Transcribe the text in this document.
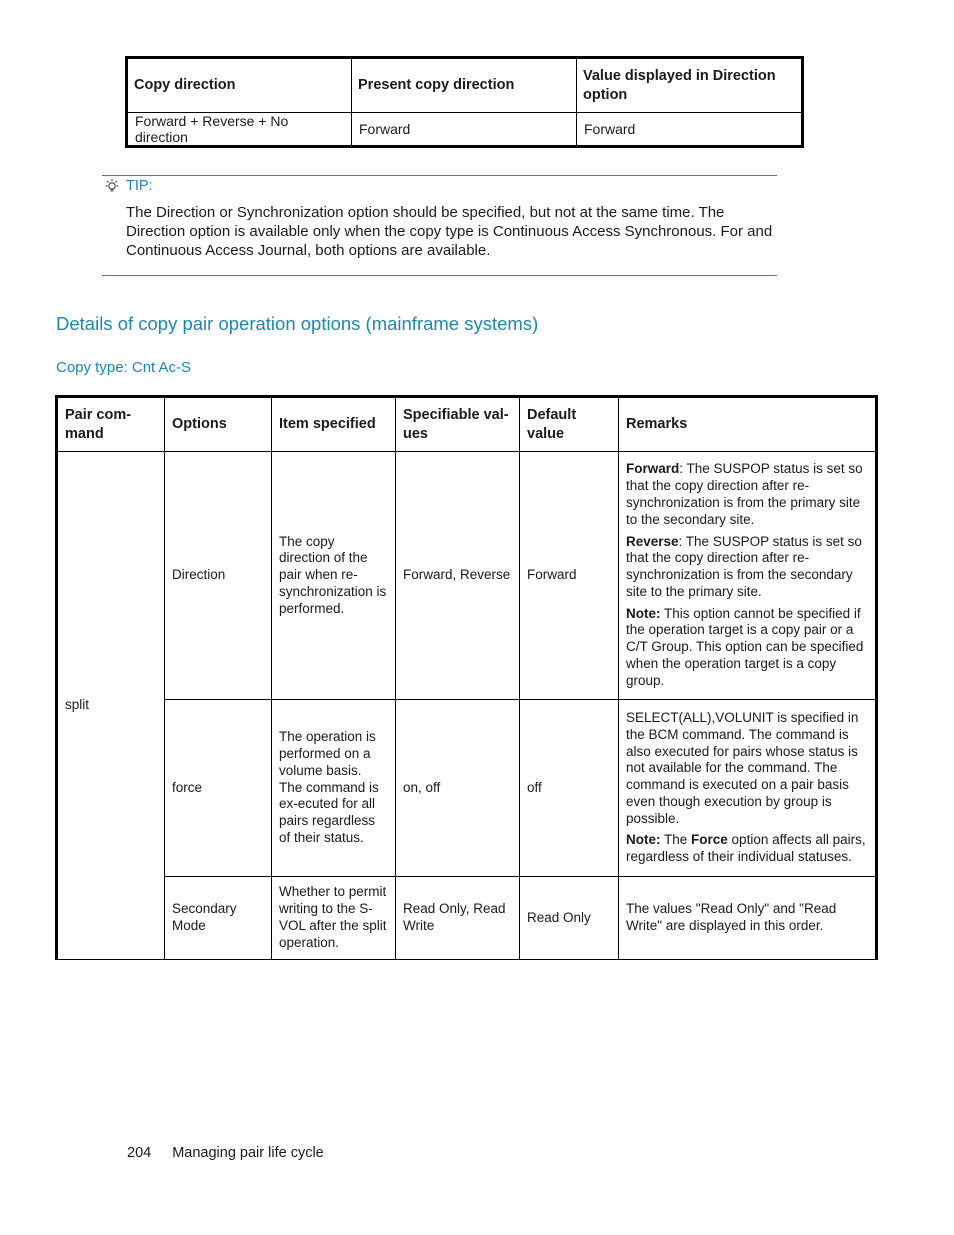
Copy direction	Present copy direction	Value displayed in Direction option
Forward + Reverse + No direction	Forward	Forward
TIP:
The Direction or Synchronization option should be specified, but not at the same time. The Direction option is available only when the copy type is Continuous Access Synchronous. For and Continuous Access Journal, both options are available.
Details of copy pair operation options (mainframe systems)
Copy type: Cnt Ac-S
Pair com-mand	Options	Item specified	Specifiable val-ues	Default value	Remarks
split	Direction	The copy direction of the pair when re-synchronization is performed.	Forward, Reverse	Forward	Forward: The SUSPOP status is set so that the copy direction after re-synchronization is from the primary site to the secondary site.

Reverse: The SUSPOP status is set so that the copy direction after re-synchronization is from the secondary site to the primary site.

Note: This option cannot be specified if the operation target is a copy pair or a C/T Group. This option can be specified when the operation target is a copy group.

	force	The operation is performed on a volume basis. The command is ex-ecuted for all pairs regardless of their status.	on, off	off	SELECT(ALL),VOLUNIT is specified in the BCM command. The command is also executed for pairs whose status is not available for the command. The command is executed on a pair basis even though execution by group is possible.

Note: The Force option affects all pairs, regardless of their individual statuses.

	Secondary Mode	Whether to permit writing to the S-VOL after the split operation.	Read Only, Read Write	Read Only	The values "Read Only" and "Read Write" are displayed in this order.

204 Managing pair life cycle
